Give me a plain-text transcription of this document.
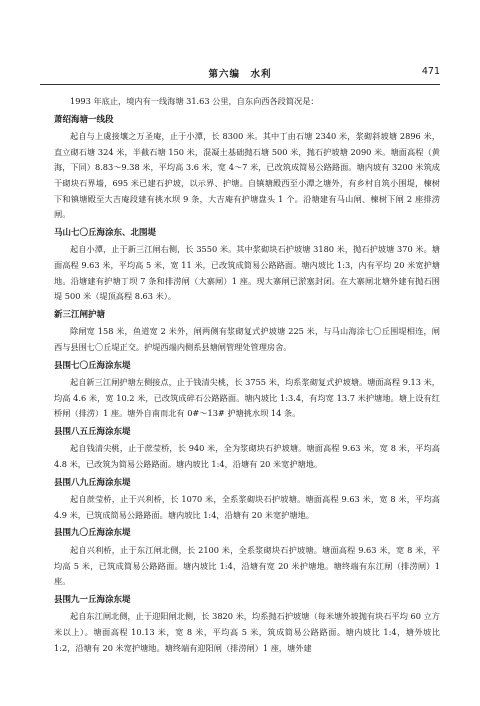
第六编　水利	471

1993 年底止，境内有一线海塘 31.63 公里，自东向西各段简况是：

萧绍海塘一线段

起自与上虞接壤之万圣庵，止于小潭，长 8300 米。其中丁由石塘 2340 米，浆砌斜坡塘 2896 米，直立砌石塘 324 米，半截石塘 150 米，混凝土基础抛石塘 500 米，抛石护坡塘 2090 米。塘面高程（黄海，下同）8.83～9.38 米，平均高 3.6 米，宽 4～7 米，已改筑成简易公路路面。塘内坡有 3200 米筑成干砌块石界墙，695 米已建石护坡，以示界、护塘。自镇塘殿西至小潭之塘外，有乡村自筑小围堤，楝树下和镇塘殿至大吉庵段建有挑水坝 9 条，大吉庵有护塘盘头 1 个。沿塘建有马山闸、楝树下闸 2 座排涝闸。

马山七〇丘海涂东、北围堤

起自小潭，止于新三江闸右侧，长 3550 米。其中浆砌块石护坡塘 3180 米，抛石护坡塘 370 米。塘面高程 9.63 米，平均高 5 米，宽 11 米，已改筑成简易公路路面。塘内坡比 1:3，内有平均 20 米宽护塘地。沿塘建有护塘丁坝 7 条和排涝闸（大寨闸）1 座。现大寨闸已淤塞封闭。在大寨闸北塘外建有抛石围堤 500 米（堤顶高程 8.63 米）。

新三江闸护塘

除闸宽 158 米，鱼道宽 2 米外，闸两侧有浆砌复式护坡塘 225 米，与马山海涂七〇丘围堤相连，闸西与县围七〇丘堤正交。护堤西端内侧系县塘闸管理处管理房舍。

县围七〇丘海涂东堤

起自新三江闸护塘左侧接点，止于钱清尖桃，长 3755 米，均系浆砌复式护坡塘。塘面高程 9.13 米，均高 4.6 米，宽 10.2 米，已改筑成碎石公路路面。塘内坡比 1:3.4，有均宽 13.7 米护塘地。塘上设有红桥闸（排涝）1 座。塘外自南而北有 0#～13# 护塘挑水坝 14 条。

县围八五丘海涂东堤

起自钱清尖桃，止于蔗莹桥，长 940 米，全为浆砌块石护坡塘。塘面高程 9.63 米，宽 8 米，平均高 4.8 米，已改筑为简易公路路面。塘内坡比 1:4，沿塘有 20 米宽护塘地。

县围八九丘海涂东堤

起自蔗莹桥，止于兴利桥，长 1070 米，全系浆砌块石护坡塘。塘面高程 9.63 米，宽 8 米，平均高 4.9 米，已筑成简易公路路面。塘内坡比 1:4，沿塘有 20 米宽护塘地。

县围九〇丘海涂东堤

起自兴利桥，止于东江闸北侧，长 2100 米，全系浆砌块石护坡塘。塘面高程 9.63 米，宽 8 米，平均高 5 米，已筑成简易公路路面。塘内坡比 1:4，沿塘有宽 20 米护塘地。塘终端有东江闸（排涝闸）1 座。

县围九一丘海涂东堤

起自东江闸北侧，止于迎阳闸北侧，长 3820 米，均系抛石护坡塘（每米塘外坡抛有块石平均 60 立方米以上）。塘面高程 10.13 米，宽 8 米，平均高 5 米，筑成简易公路路面。塘内坡比 1:4，塘外坡比 1:2，沿塘有 20 米宽护塘地。塘终端有迎阳闸（排涝闸）1 座，塘外建
